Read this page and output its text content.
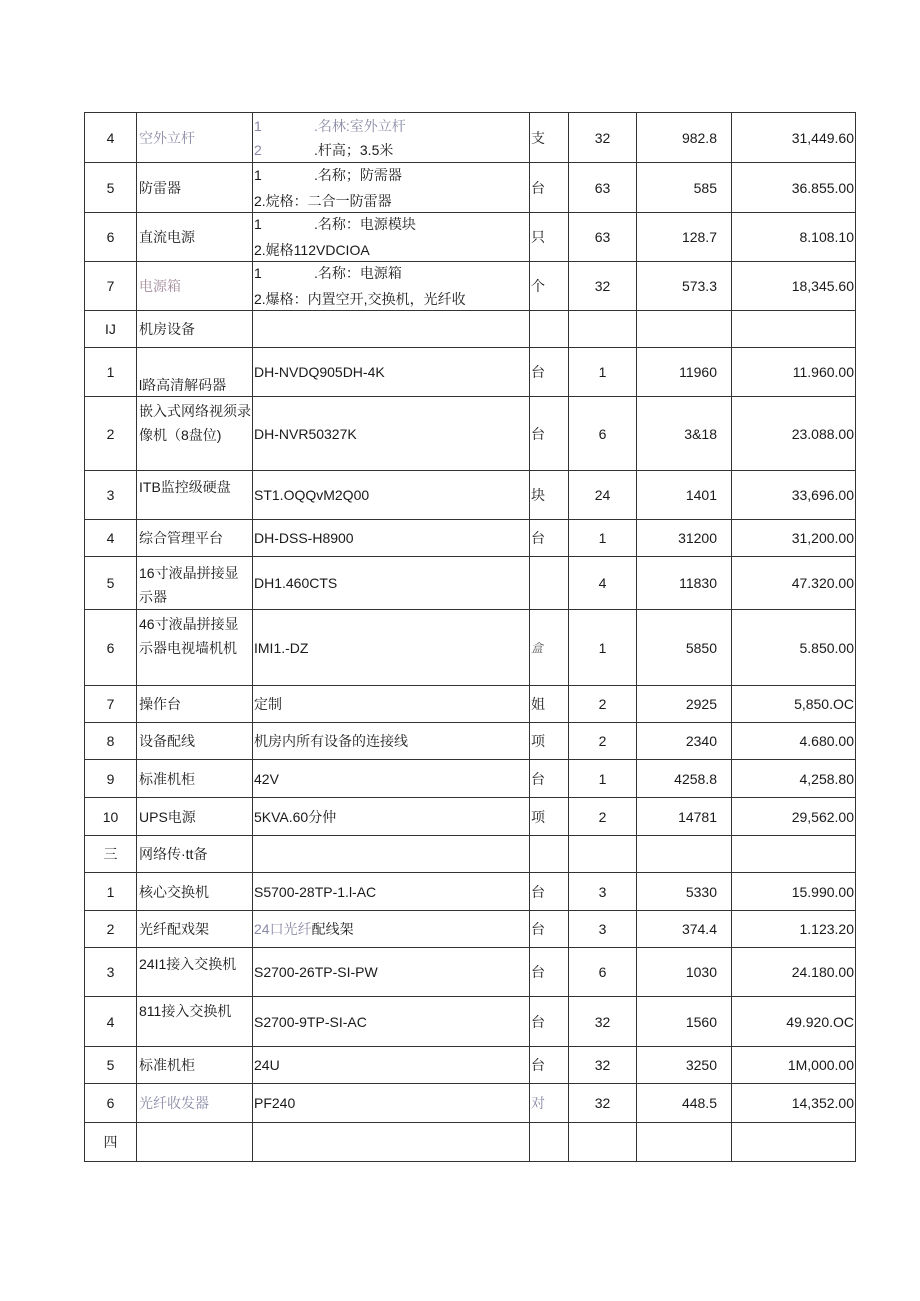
4	空外立杆	1 .名林:室外立杆
2 .杆高；3.5米	支	32	982.8	31,449.60
5	防雷器	1 .名称；防需器
2.烷格：二合一防雷器	台	63	585	36.855.00
6	直流电源	1 .名称：电源模块
2.娓格112VDCIOA	只	63	128.7	8.108.10
7	电源箱	1 .名称：电源箱
2.爆格：内置空开,交换机，光纤收	个	32	573.3	18,345.60
IJ	机房设备					
1	l路高清解码器	DH-NVDQ905DH-4K	台	1	11960	11.960.00
2	嵌入式网络视须录像机（8盘位)	DH-NVR50327K	台	6	3&18	23.088.00
3	ITB监控级硬盘	ST1.OQQvM2Q00	块	24	1401	33,696.00
4	综合管理平台	DH-DSS-H8900	台	1	31200	31,200.00
5	16寸液晶拼接显示器	DH1.460CTS		4	11830	47.320.00
6	46寸液晶拼接显示器电视墙机机	IMI1.-DZ	盒	1	5850	5.850.00
7	操作台	定制	姐	2	2925	5,850.OC
8	设备配线	机房内所有设备的连接线	项	2	2340	4.680.00
9	标准机柜	42V	台	1	4258.8	4,258.80
10	UPS电源	5KVA.60分仲	项	2	14781	29,562.00
三	网络传·tt备					
1	核心交换机	S5700-28TP-1.l-AC	台	3	5330	15.990.00
2	光纤配戏架	24口光纤配线架	台	3	374.4	1.123.20
3	24I1接入交换机	S2700-26TP-SI-PW	台	6	1030	24.180.00
4	811接入交换机	S2700-9TP-SI-AC	台	32	1560	49.920.OC
5	标准机柜	24U	台	32	3250	1M,000.00
6	光纤收发器	PF240	对	32	448.5	14,352.00
四						
